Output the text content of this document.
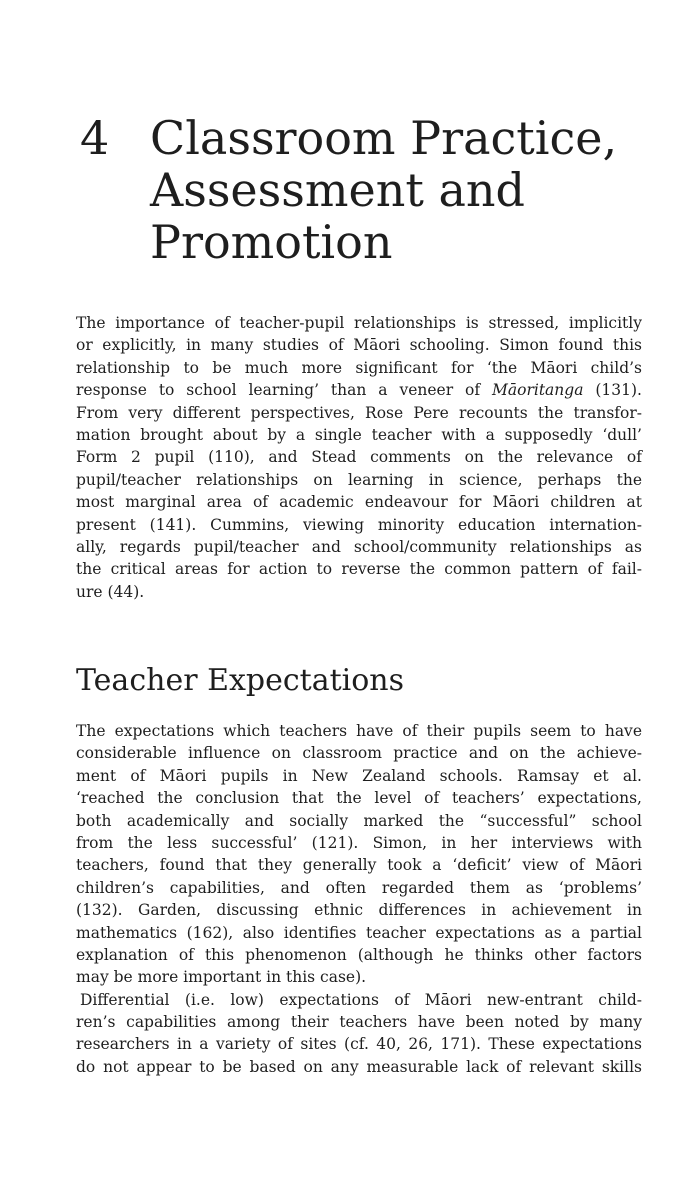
4 Classroom Practice,
Assessment and
Promotion
The importance of teacher-pupil relationships is stressed, implicitly
or explicitly, in many studies of Māori schooling. Simon found this
relationship to be much more significant for ‘the Māori child’s
response to school learning’ than a veneer of Māoritanga (131).
From very different perspectives, Rose Pere recounts the transfor-
mation brought about by a single teacher with a supposedly ‘dull’
Form 2 pupil (110), and Stead comments on the relevance of
pupil/teacher relationships on learning in science, perhaps the
most marginal area of academic endeavour for Māori children at
present (141). Cummins, viewing minority education internation-
ally, regards pupil/teacher and school/community relationships as
the critical areas for action to reverse the common pattern of fail-
ure (44).
Teacher Expectations
The expectations which teachers have of their pupils seem to have
considerable influence on classroom practice and on the achieve-
ment of Māori pupils in New Zealand schools. Ramsay et al.
‘reached the conclusion that the level of teachers’ expectations,
both academically and socially marked the “successful” school
from the less successful’ (121). Simon, in her interviews with
teachers, found that they generally took a ‘deficit’ view of Māori
children’s capabilities, and often regarded them as ‘problems’
(132). Garden, discussing ethnic differences in achievement in
mathematics (162), also identifies teacher expectations as a partial
explanation of this phenomenon (although he thinks other factors
may be more important in this case).
Differential (i.e. low) expectations of Māori new-entrant child-
ren’s capabilities among their teachers have been noted by many
researchers in a variety of sites (cf. 40, 26, 171). These expectations
do not appear to be based on any measurable lack of relevant skills
